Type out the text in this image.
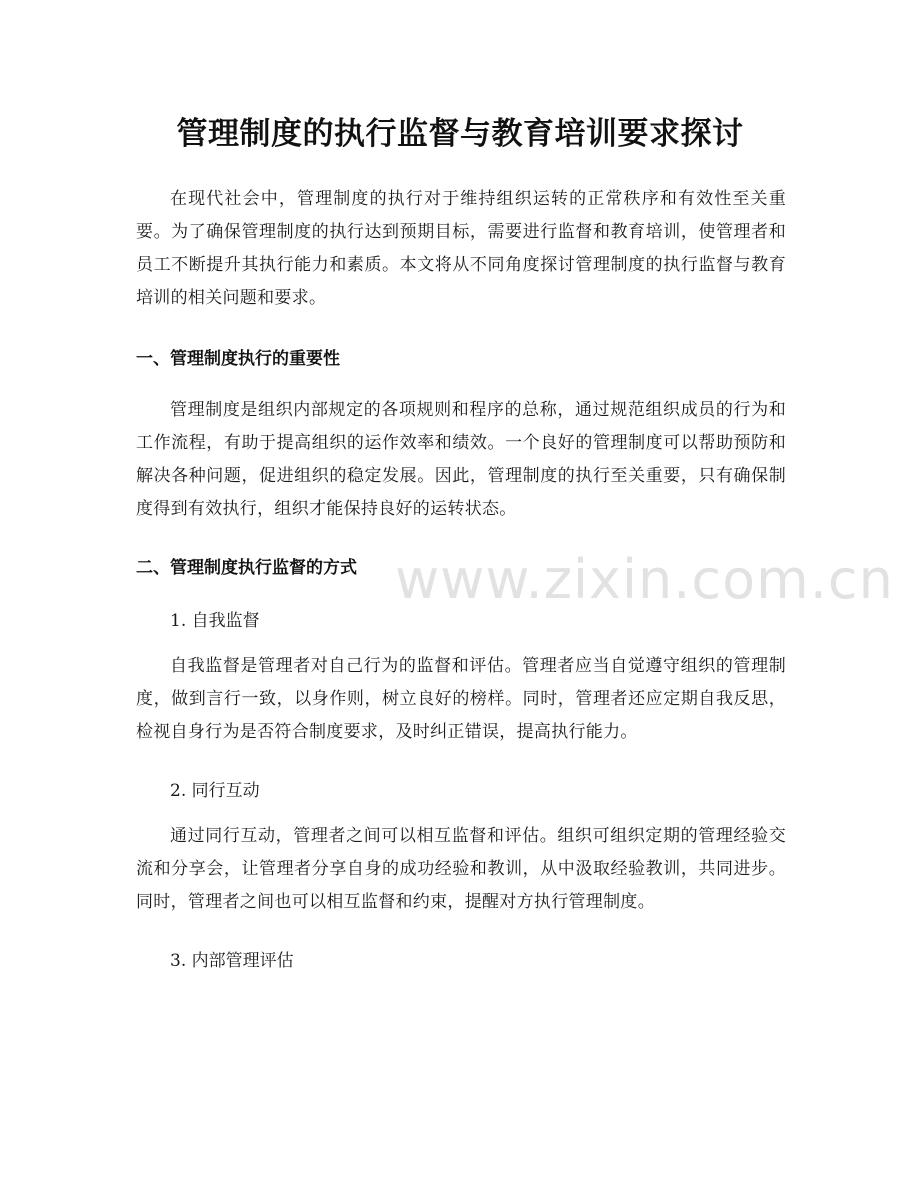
管理制度的执行监督与教育培训要求探讨
在现代社会中，管理制度的执行对于维持组织运转的正常秩序和有效性至关重要。为了确保管理制度的执行达到预期目标，需要进行监督和教育培训，使管理者和员工不断提升其执行能力和素质。本文将从不同角度探讨管理制度的执行监督与教育培训的相关问题和要求。
一、管理制度执行的重要性
管理制度是组织内部规定的各项规则和程序的总称，通过规范组织成员的行为和工作流程，有助于提高组织的运作效率和绩效。一个良好的管理制度可以帮助预防和解决各种问题，促进组织的稳定发展。因此，管理制度的执行至关重要，只有确保制度得到有效执行，组织才能保持良好的运转状态。
二、管理制度执行监督的方式
1. 自我监督
自我监督是管理者对自己行为的监督和评估。管理者应当自觉遵守组织的管理制度，做到言行一致，以身作则，树立良好的榜样。同时，管理者还应定期自我反思，检视自身行为是否符合制度要求，及时纠正错误，提高执行能力。
2. 同行互动
通过同行互动，管理者之间可以相互监督和评估。组织可组织定期的管理经验交流和分享会，让管理者分享自身的成功经验和教训，从中汲取经验教训，共同进步。同时，管理者之间也可以相互监督和约束，提醒对方执行管理制度。
3. 内部管理评估
www.zixin.com.cn
